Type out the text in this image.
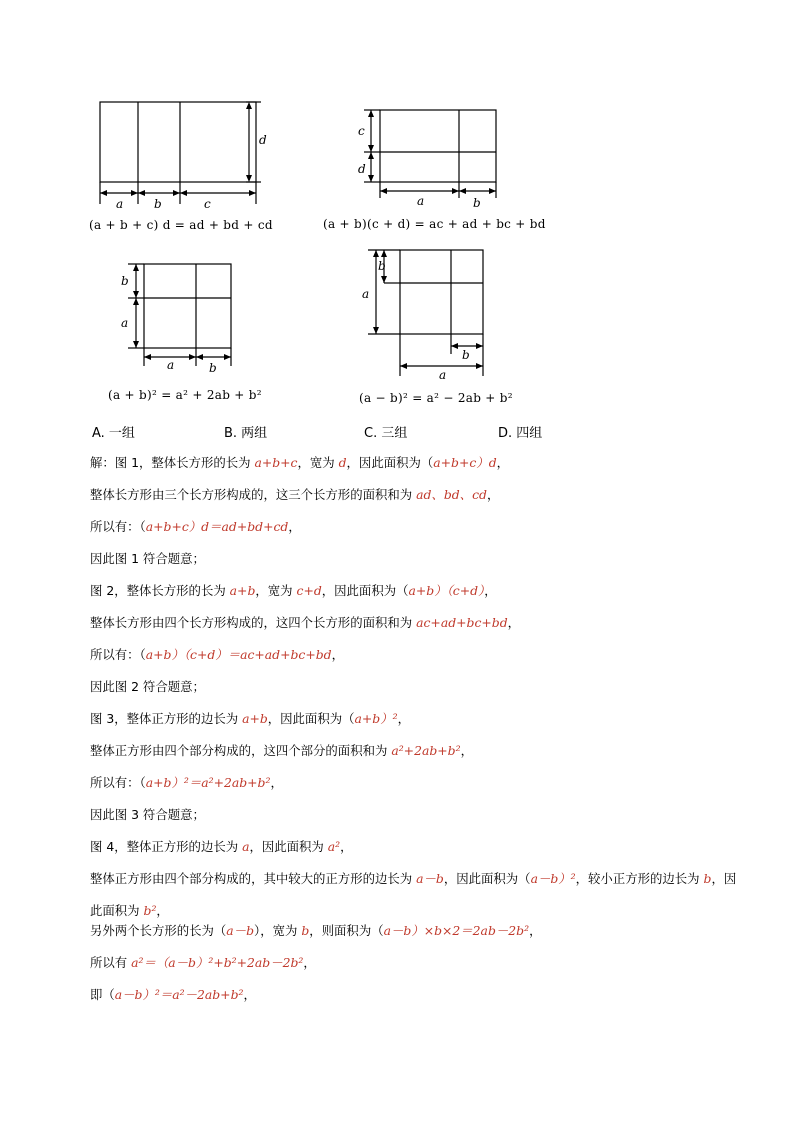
a	b	c
d
(a + b + c) d = ad + bd + cd
c
d
a	b
(a + b)(c + d) = ac + ad + bc + bd
b
a
a	b
(a + b)² = a² + 2ab + b²
b
a
b
a
(a − b)² = a² − 2ab + b²
A. 一组	B. 两组	C. 三组	D. 四组
解：图 1，整体长方形的长为 a+b+c，宽为 d，因此面积为（a+b+c）d，
整体长方形由三个长方形构成的，这三个长方形的面积和为 ad、bd、cd，
所以有：（a+b+c）d＝ad+bd+cd，
因此图 1 符合题意；
图 2，整体长方形的长为 a+b，宽为 c+d，因此面积为（a+b）（c+d），
整体长方形由四个长方形构成的，这四个长方形的面积和为 ac+ad+bc+bd，
所以有：（a+b）（c+d）＝ac+ad+bc+bd，
因此图 2 符合题意；
图 3，整体正方形的边长为 a+b，因此面积为（a+b）²，
整体正方形由四个部分构成的，这四个部分的面积和为 a²+2ab+b²，
所以有：（a+b）²＝a²+2ab+b²，
因此图 3 符合题意；
图 4，整体正方形的边长为 a，因此面积为 a²，
整体正方形由四个部分构成的，其中较大的正方形的边长为 a－b，因此面积为（a－b）²，较小正方形的边长为 b，因此面积为 b²，
另外两个长方形的长为（a－b），宽为 b，则面积为（a－b）×b×2＝2ab－2b²，
所以有 a²＝（a－b）²+b²+2ab－2b²，
即（a－b）²＝a²－2ab+b²，
